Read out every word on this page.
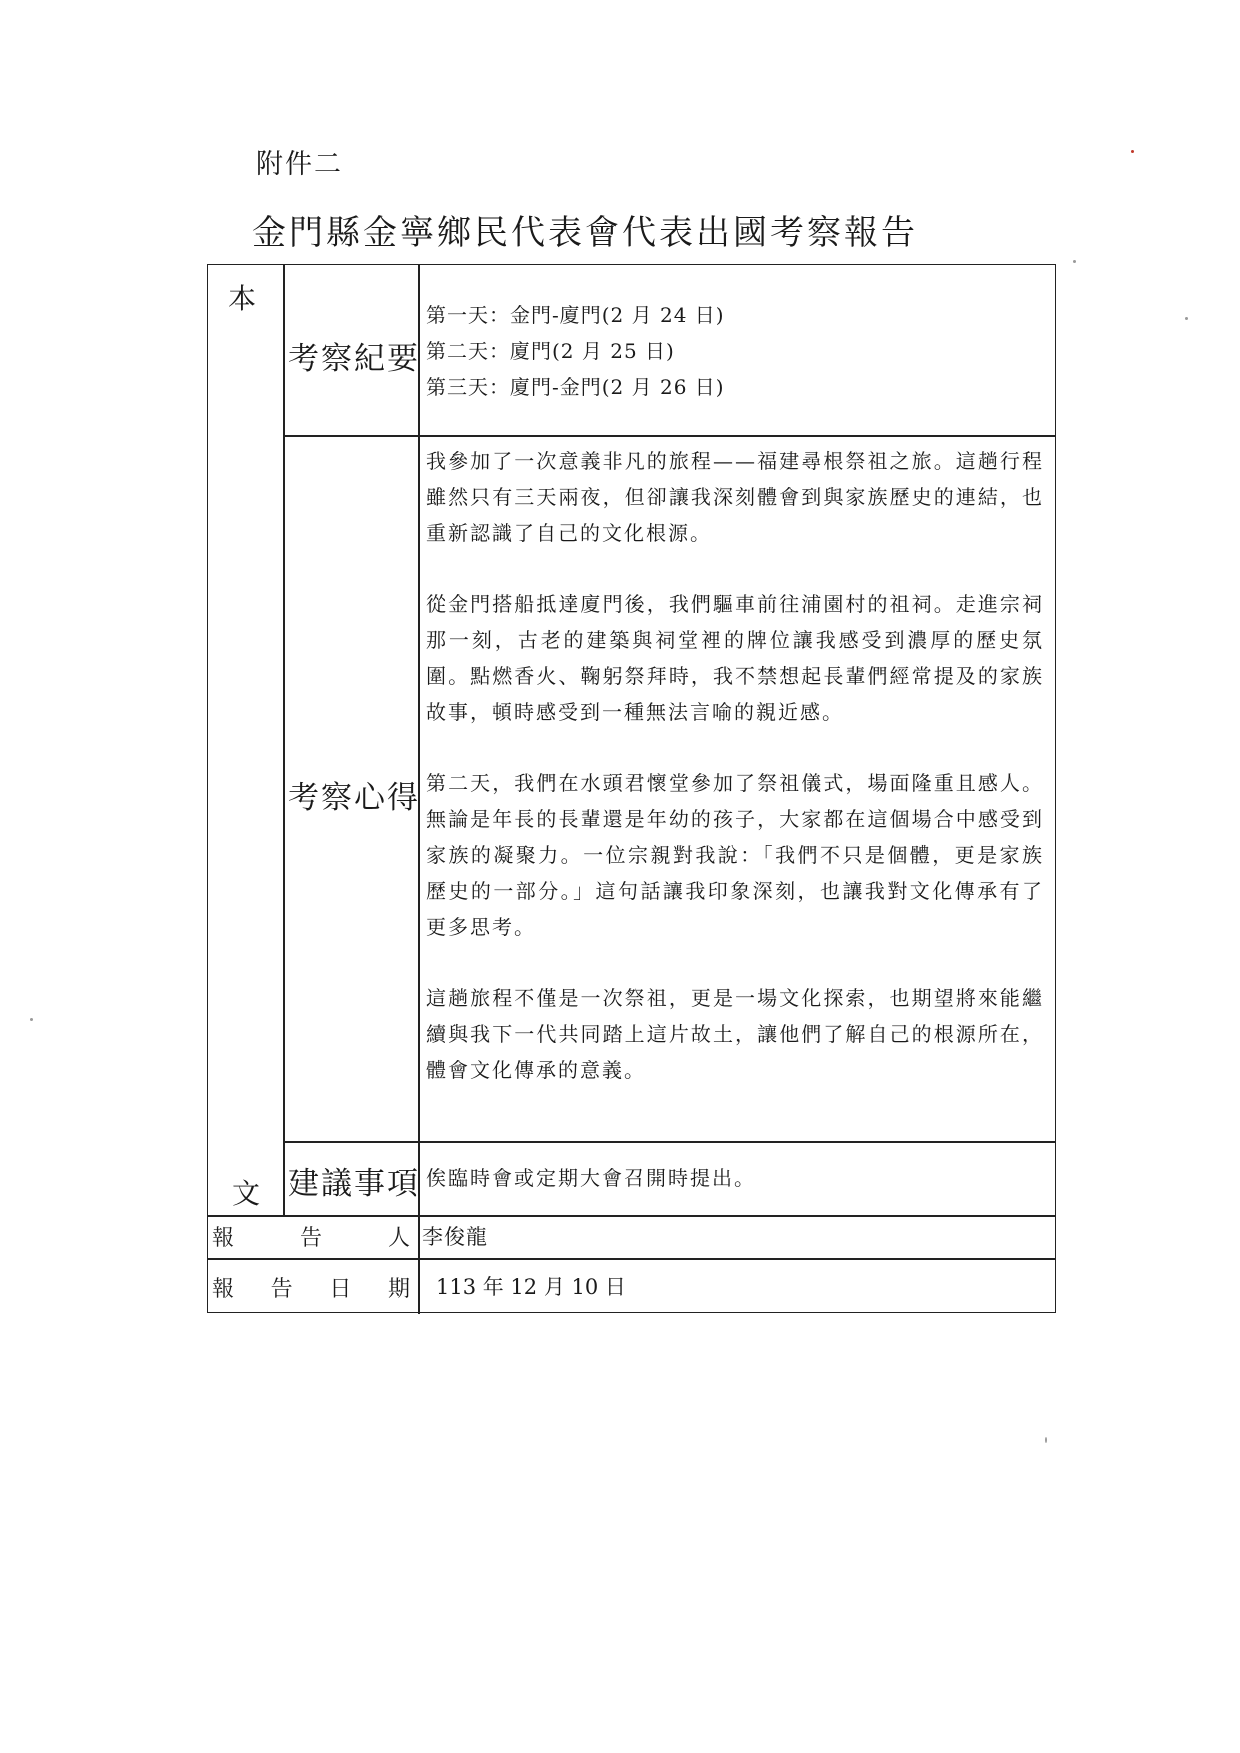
附件二
金門縣金寧鄉民代表會代表出國考察報告
本
文
考察紀要
第一天：金門-廈門(2 月 24 日)
第二天：廈門(2 月 25 日)
第三天：廈門-金門(2 月 26 日)
考察心得

我參加了一次意義非凡的旅程——福建尋根祭祖之旅。這趟行程雖然只有三天兩夜，但卻讓我深刻體會到與家族歷史的連結，也重新認識了自己的文化根源。

從金門搭船抵達廈門後，我們驅車前往浦園村的祖祠。走進宗祠那一刻，古老的建築與祠堂裡的牌位讓我感受到濃厚的歷史氛圍。點燃香火、鞠躬祭拜時，我不禁想起長輩們經常提及的家族故事，頓時感受到一種無法言喻的親近感。

第二天，我們在水頭君懷堂參加了祭祖儀式，場面隆重且感人。無論是年長的長輩還是年幼的孩子，大家都在這個場合中感受到家族的凝聚力。一位宗親對我說：「我們不只是個體，更是家族歷史的一部分。」這句話讓我印象深刻，也讓我對文化傳承有了更多思考。

這趟旅程不僅是一次祭祖，更是一場文化探索，也期望將來能繼續與我下一代共同踏上這片故土，讓他們了解自己的根源所在，體會文化傳承的意義。

建議事項 俟臨時會或定期大會召開時提出。
報	告	人 李俊龍
報 告 日 期 113 年 12 月 10 日
